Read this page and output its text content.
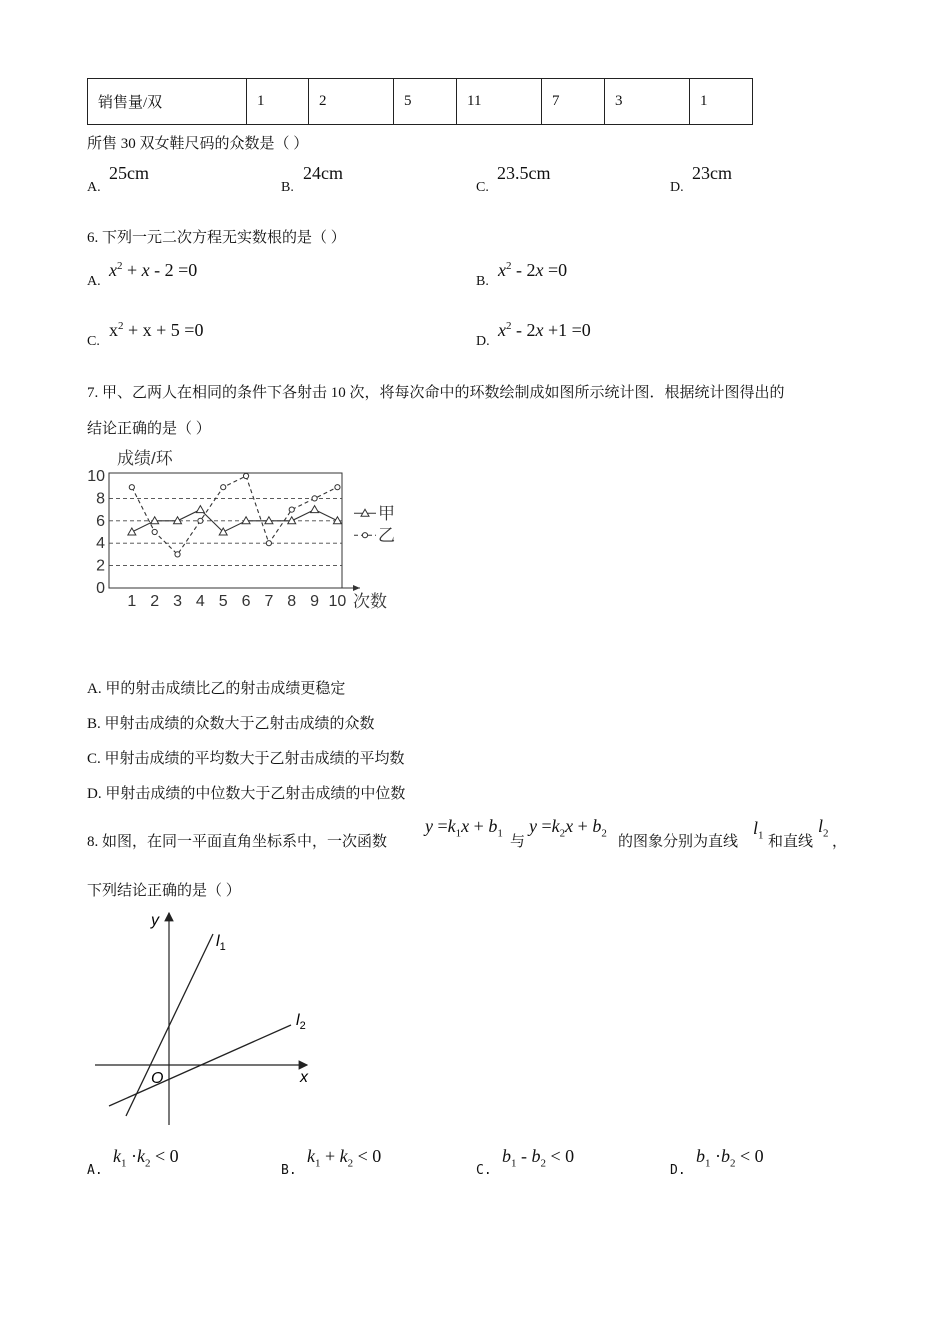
销售量/双	1	2	5	11	7	3	1
所售 30 双女鞋尺码的众数是（ ）
A.
25cm
B.
24cm
C.
23.5cm
D.
23cm
6. 下列一元二次方程无实数根的是（ ）
A.
$x^2 + x - 2 =0$
B.
$x^2 - 2x =0$
C.
$x^2 + x + 5 =0$
D.
$x^2 - 2x +1 =0$
7. 甲、乙两人在相同的条件下各射击 10 次，将每次命中的环数绘制成如图所示统计图．根据统计图得出的
结论正确的是（ ）
成绩/环
次数
0
2
4
6
8
10
1 2 3 4 5 6 7 8 9 10
甲
乙
A. 甲的射击成绩比乙的射击成绩更稳定
B. 甲射击成绩的众数大于乙射击成绩的众数
C. 甲射击成绩的平均数大于乙射击成绩的平均数
D. 甲射击成绩的中位数大于乙射击成绩的中位数
8. 如图，在同一平面直角坐标系中，一次函数
$y =k_1x + b_1$
与
$y =k_2x + b_2$
的图象分别为直线
$l_1$ 和直线
$l_2$
，
下列结论正确的是（ ）
y
x
O
$l_1$
$l_2$
A.
$k_1 \cdot k_2 < 0$
B.
$k_1 + k_2 < 0$
C.
$b_1 - b_2 < 0$
D.
$b_1 \cdot b_2 < 0$
